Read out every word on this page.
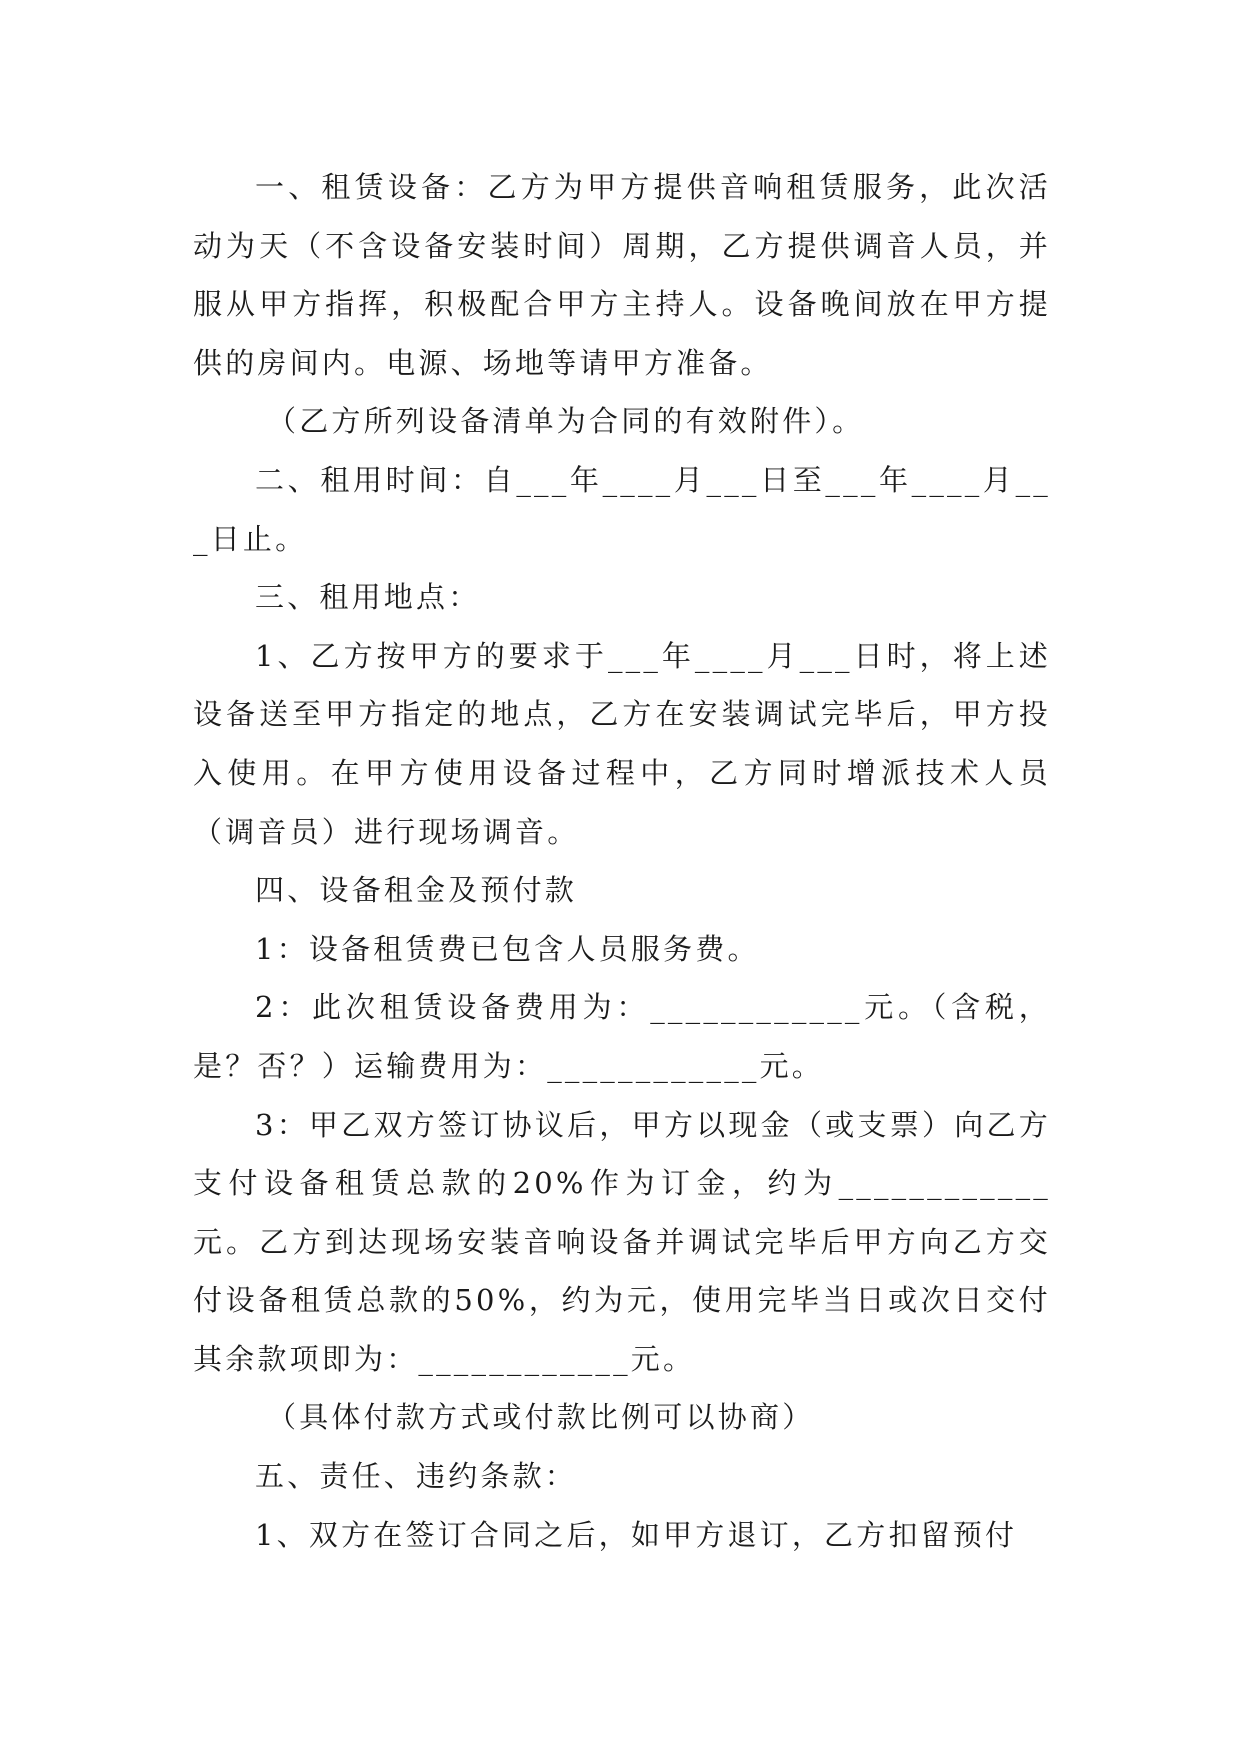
一、租赁设备：乙方为甲方提供音响租赁服务，此次活动为天（不含设备安装时间）周期，乙方提供调音人员，并服从甲方指挥，积极配合甲方主持人。设备晚间放在甲方提供的房间内。电源、场地等请甲方准备。

（乙方所列设备清单为合同的有效附件）。

二、租用时间：自___年____月___日至___年____月___日止。

三、租用地点：

1、乙方按甲方的要求于___年____月___日时，将上述设备送至甲方指定的地点，乙方在安装调试完毕后，甲方投入使用。在甲方使用设备过程中，乙方同时增派技术人员（调音员）进行现场调音。

四、设备租金及预付款

1：设备租赁费已包含人员服务费。

2：此次租赁设备费用为：____________元。（含税，是？否？）运输费用为：____________元。

3：甲乙双方签订协议后，甲方以现金（或支票）向乙方支付设备租赁总款的20%作为订金，约为____________元。乙方到达现场安装音响设备并调试完毕后甲方向乙方交付设备租赁总款的50%，约为元，使用完毕当日或次日交付其余款项即为：____________元。

（具体付款方式或付款比例可以协商）

五、责任、违约条款：

1、双方在签订合同之后，如甲方退订，乙方扣留预付
